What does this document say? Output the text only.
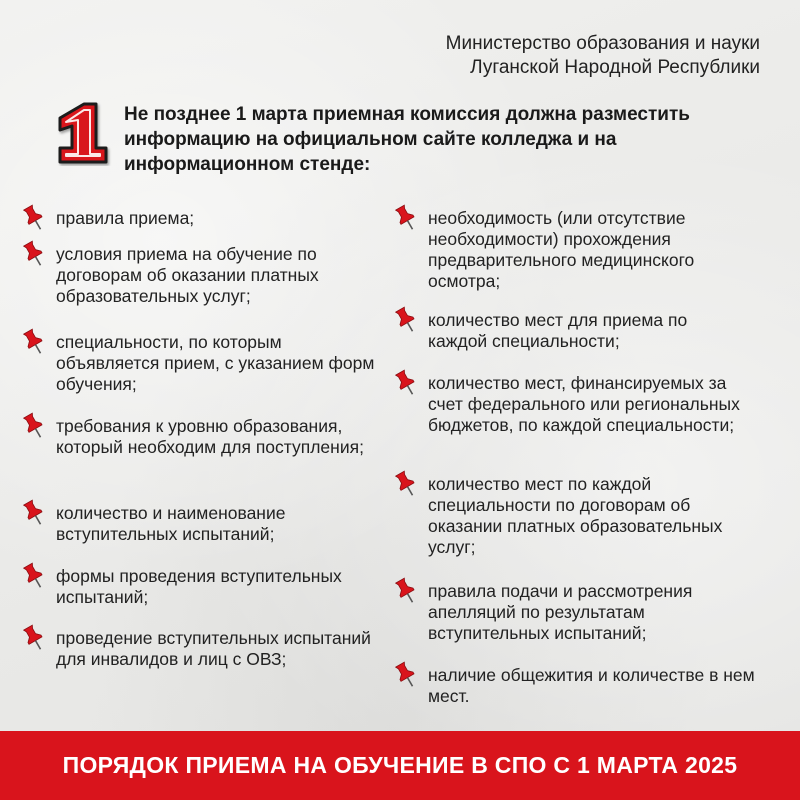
Министерство образования и науки
Луганской Народной Республики
Не позднее 1 марта приемная комиссия должна разместить информацию на официальном сайте колледжа и на информационном стенде:
правила приема;
условия приема на обучение по договорам об оказании платных образовательных услуг;
специальности, по которым объявляется прием, с указанием форм обучения;
требования к уровню образования, который необходим для поступления;
количество и наименование вступительных испытаний;
формы проведения вступительных испытаний;
проведение вступительных испытаний для инвалидов и лиц с ОВЗ;
необходимость (или отсутствие необходимости) прохождения предварительного медицинского осмотра;
количество мест для приема по каждой специальности;
количество мест, финансируемых за счет федерального или региональных бюджетов, по каждой специальности;
количество мест по каждой специальности по договорам об оказании платных образовательных услуг;
правила подачи и рассмотрения апелляций по результатам вступительных испытаний;
наличие общежития и количестве в нем мест.
ПОРЯДОК ПРИЕМА НА ОБУЧЕНИЕ В СПО С 1 МАРТА 2025
